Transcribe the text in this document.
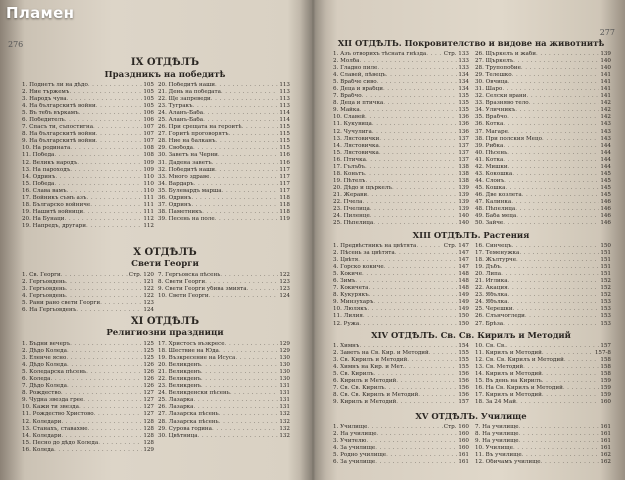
276
IX ОТДѢЛЪ
Праздникъ на победитѣ
1. Поднетъ ли на дѣдо . . .	105
2. Ние тържемъ . . .	105
3. Народъ чува . . .	105
4. На българскитѣ войни . . .	105
5. Въ тебъ въркамъ . . .	106
6. Победителъ . . .	106
7. Спасъ ти, съпостигна . . .	107
8. На българскитѣ войни . . .	107
9. На българскитѣ войни . . .	107
10. На родината . . .	108
11. Победа . . .	108
12. Великъ народъ . . .	109
13. На пароходъ . . .	109
14. Одринъ . . .	110
15. Победа . . .	110
16. Слава вамъ . . .	110
17. Войникъ съмъ азъ . . .	111
18. Българско войниче . . .	111
19. Нашитѣ войници . . .	111
20. На Бунаци . . .	112
19. Напредъ, другари . . .	112
20. Победитѣ наши . . .	113
21. День на победата . . .	113
22. Ще запреведи . . .	113
23. Тугракъ . . .	113
24. Аланъ-Баба . . .	114
25. Аланъ-Баба . . .	114
26. При срещата на героитѣ . . .	115
27. Горитѣ проговорятъ . . .	115
28. Ние на балканъ . . .	115
29. Свобода . . .	115
30. Заветъ на Черни . . .	116
31. Дадена заветъ . . .	116
32. Победитѣ наши . . .	117
33. Много здраве . . .	117
34. Вардаръ . . .	117
35. Булевардъ марша . . .	117
36. Одринъ . . .	118
37. Одринъ . . .	118
38. Паметникъ . . .	118
39. Песень на поле . . .	119
X ОТДѢЛЪ
Свети Георги
1. Св. Георги . . .	Стр. 120
2. Гергьовдень . . .	121
3. Гергьовдень . . .	122
4. Гергьовдень . . .	122
5. Рани рано свети Георги . . .	123
6. На Гергьовденъ . . .	124
7. Гергьовска пѣсень . . .	122
8. Свети Георги . . .	123
9. Свети Георги убива змията . . .	123
10. Свети Георги . . .	124
XI ОТДѢЛЪ
Религиозни праздници
1. Бъдни вечеръ . . .	125
2. Дѣдо Коледа . . .	125
3. Еленче ясно . . .	125
4. Дѣдо Коледа . . .	126
5. Коледарска пѣсень . . .	126
6. Коледа . . .	126
7. Дѣдо Коледа . . .	126
8. Рождество . . .	127
9. Чудна звезда грее . . .	127
10. Кажи ти звезда . . .	127
11. Рождество Христово . . .	127
12. Коледари . . .	128
13. Станахъ, ставахме . . .	128
14. Коледари . . .	128
15. Песно до дѣдо Коледа . . .	128
16. Коледа . . .	129
17. Христосъ възкресе . . .	129
18. Шествие на Юда . . .	129
19. Възкресение на Исуса . . .	130
20. Великденъ . . .	130
21. Великденъ . . .	130
22. Великденъ . . .	130
23. Великденъ . . .	131
24. Великденски пѣсень . . .	131
25. Лазарка . . .	131
26. Лазарка . . .	131
27. Лазарска пѣсень . . .	132
28. Лазарска пѣсень . . .	132
29. Сурова година . . .	132
30. Цвѣтница . . .	132
277
XII ОТДѢЛЪ. Покровителство и видове на животнитѣ
1. Азъ отворихъ тѣсната гнѣзда . . .	Стр. 133
2. Молба . . .	133
3. Гладно пиле . . .	133
4. Славей, пѣвецъ . . .	134
5. Врабче сиво . . .	134
6. Деца и врабци . . .	134
7. Врабчо . . .	135
8. Деца и птичка . . .	135
9. Майка . . .	135
10. Славей . . .	136
11. Кукувица . . .	136
12. Чучулига . . .	136
13. Лястовички . . .	137
14. Лястовичка . . .	137
15. Лястовичка . . .	137
16. Птичка . . .	137
17. Гълъбъ . . .	138
18. Коньтъ . . .	138
19. Пѣтелъ . . .	138
20. Дѣдо и щъркелъ . . .	139
21. Жерави . . .	139
22. Пчела . . .	139
23. Пчелица . . .	139
24. Пиленце . . .	140
25. Пѣпелица . . .	140
26. Щъркелъ и жаби . . .	139
27. Щъркелъ . . .	140
28. Трупопобие . . .	140
29. Телешко . . .	141
30. Овчица . . .	141
31. Шаро . . .	141
32. Селски врани . . .	141
33. Вразняво тело . . .	142
34. Уличникъ . . .	142
35. Врабчо . . .	142
36. Котка . . .	143
37. Магаре . . .	143
38. При полския Мецо . . .	143
39. Рибка . . .	144
40. Пѣсень . . .	144
41. Котка . . .	144
42. Мишки . . .	144
43. Кокошка . . .	145
44. Слонъ . . .	145
45. Кошка . . .	145
46. Две козлета . . .	145
47. Калинка . . .	146
48. Пѣпелица . . .	146
49. Баба мецa . . .	146
50. Зайче . . .	146
XIII ОТДѢЛЪ. Растения
1. Предвѣстникъ на цвѣтята . . .	Стр. 147
2. Пѣсень за цвѣтята . . .	147
3. Цвѣтя . . .	147
4. Горско кокиче . . .	147
5. Кокиче . . .	148
6. Зимъ . . .	148
7. Кокичета . . .	148
8. Кукурякъ . . .	149
9. Минзухаръ . . .	149
10. Люлякъ . . .	149
11. Лилия . . .	150
12. Ружа . . .	150
16. Синчецъ . . .	150
17. Теменужка . . .	151
18. Жълтурче . . .	151
19. Дъбъ . . .	151
20. Липа . . .	151
21. Иглика . . .	152
22. Акация . . .	152
23. Ябълка . . .	152
24. Ябълка . . .	153
25. Черешки . . .	153
26. Слънчогледи . . .	153
27. Брѣза . . .	153
XIV ОТДѢЛЪ. Св. Св. Кирилъ и Методий
1. Химнъ . . .	154
2. Заветъ на Св. Кир. и Методий . . .	155
3. Св. Кирилъ и Методий . . .	155
4. Химнъ на Кир. и Мет. . . .	155
5. Св. Кирилъ . . .	156
6. Кирилъ и Методий . . .	156
7. Св. Св. Кирилъ . . .	156
8. Св. Св. Кирилъ и Методий . . .	156
9. Кирилъ и Методий . . .	157
10. Св. Св. . . .	157
11. Кирилъ и Методий . . .	157-8
12. Св. Св. Кирилъ и Методий . . .	158
13. Св. Методий . . .	158
14. Кирилъ и Методий . . .	158
15. Въ день на Кирилъ . . .	159
16. На Св. Кирилъ и Методий . . .	159
17. Кирилъ и Методий . . .	159
18. За 24 Май . . .	160
XV ОТДѢЛЪ. Училище
1. Училище . . .	Стр. 160
2. На училище . . .	160
3. Учителю . . .	160
4. За училище . . .	160
5. Родно училище . . .	161
6. За училище . . .	161
7. На училище . . .	161
8. На училище . . .	161
9. На училище . . .	161
10. Училище . . .	161
11. Въ училище . . .	162
12. Обичамъ училище . . .	162
Пламен
